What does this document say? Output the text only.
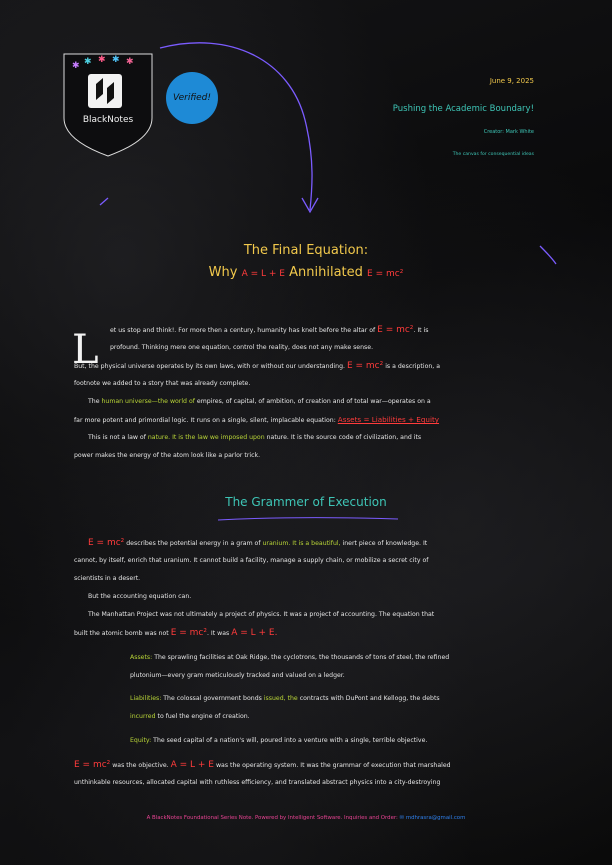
✱ ✱ ✱ ✱ ✱
BlackNotes
Verified!
June 9, 2025
Pushing the Academic Boundary!
Creator: Mark White
The canvas for consequential ideas
The Final Equation:
Why A = L + E Annihilated E = mc²
L et us stop and think!. For more then a century, humanity has knelt before the altar of E = mc². It is
profound. Thinking mere one equation, control the reality, does not any make sense.
But, the physical universe operates by its own laws, with or without our understanding. E = mc² is a description, a
footnote we added to a story that was already complete.
The human universe—the world of empires, of capital, of ambition, of creation and of total war—operates on a
far more potent and primordial logic. It runs on a single, silent, implacable equation: Assets = Liabilities + Equity
This is not a law of nature. It is the law we imposed upon nature. It is the source code of civilization, and its
power makes the energy of the atom look like a parlor trick.
The Grammer of Execution
E = mc² describes the potential energy in a gram of uranium. It is a beautiful, inert piece of knowledge. It
cannot, by itself, enrich that uranium. It cannot build a facility, manage a supply chain, or mobilize a secret city of
scientists in a desert.
But the accounting equation can.
The Manhattan Project was not ultimately a project of physics. It was a project of accounting. The equation that
built the atomic bomb was not E = mc². It was A = L + E.
Assets: The sprawling facilities at Oak Ridge, the cyclotrons, the thousands of tons of steel, the refined
plutonium—every gram meticulously tracked and valued on a ledger.
Liabilities: The colossal government bonds issued, the contracts with DuPont and Kellogg, the debts
incurred to fuel the engine of creation.
Equity: The seed capital of a nation's will, poured into a venture with a single, terrible objective.
E = mc² was the objective. A = L + E was the operating system. It was the grammar of execution that marshaled
unthinkable resources, allocated capital with ruthless efficiency, and translated abstract physics into a city-destroying
A BlackNotes Foundational Series Note. Powered by Intelligent Software. Inquiries and Order: ✉ mdhrasra@gmail.com
